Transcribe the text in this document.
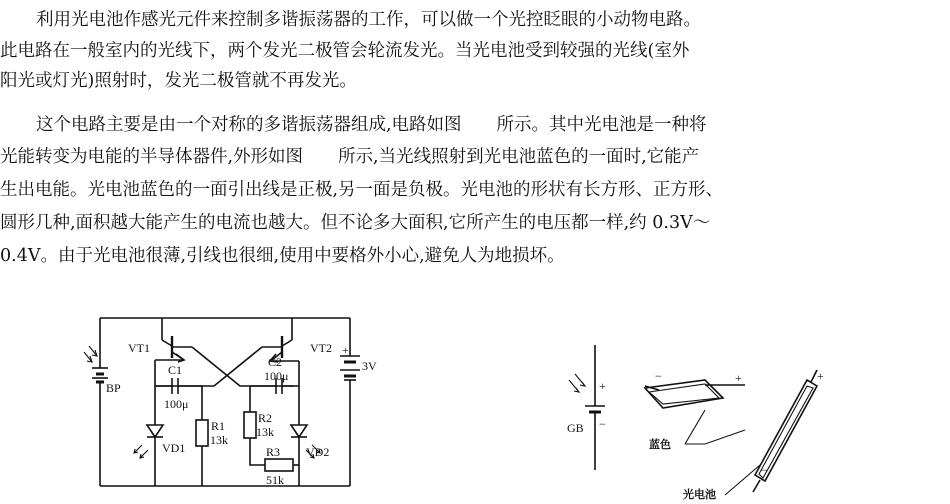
利用光电池作感光元件来控制多谐振荡器的工作，可以做一个光控眨眼的小动物电路。
此电路在一般室内的光线下，两个发光二极管会轮流发光。当光电池受到较强的光线(室外
阳光或灯光)照射时，发光二极管就不再发光。
这个电路主要是由一个对称的多谐振荡器组成,电路如图　　所示。其中光电池是一种将
光能转变为电能的半导体器件,外形如图　　所示,当光线照射到光电池蓝色的一面时,它能产
生出电能。光电池蓝色的一面引出线是正极,另一面是负极。光电池的形状有长方形、正方形、
圆形几种,面积越大能产生的电流也越大。但不论多大面积,它所产生的电压都一样,约 0.3V～
0.4V。由于光电池很薄,引线也很细,使用中要格外小心,避免人为地损坏。
VT1	VT2
C1
100μ
C2
100μ
R1
13k
R2
13k
R3
51k
BP
VD1	VD2
3V
+
+
−
GB
−	+	+
−
蓝色
光电池
